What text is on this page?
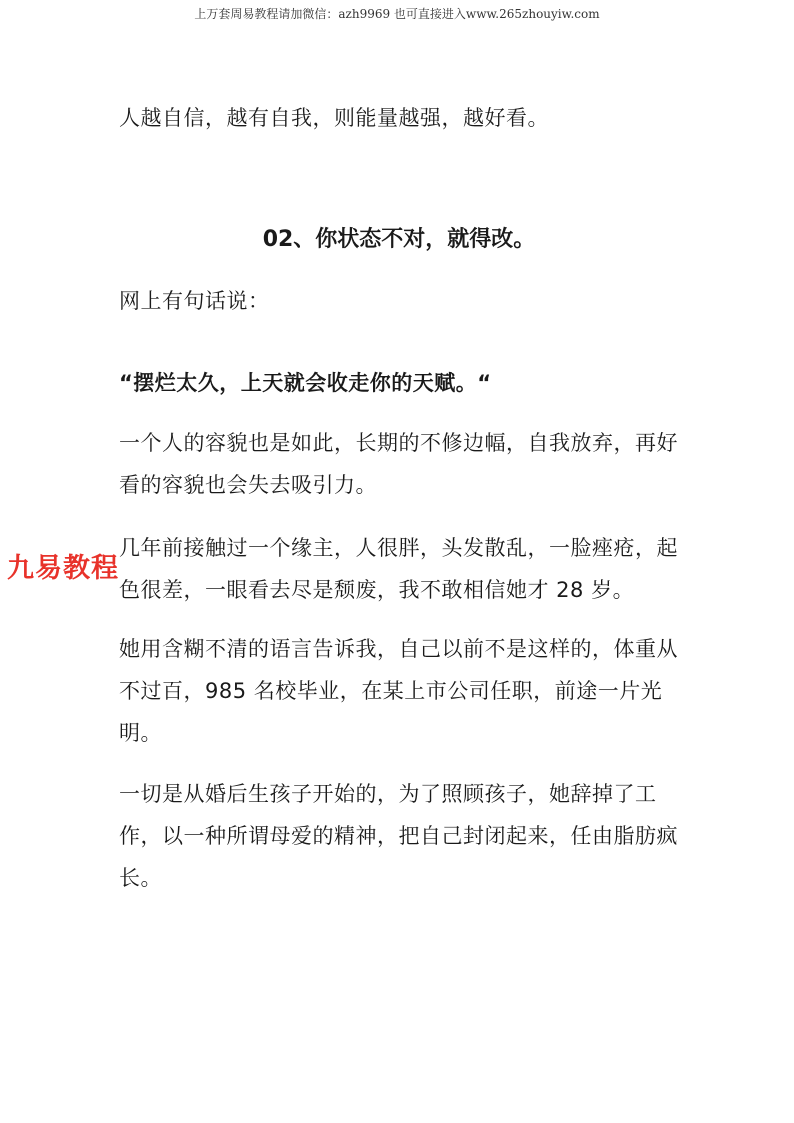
上万套周易教程请加微信：azh9969 也可直接进入www.265zhouyiw.com

人越自信，越有自我，则能量越强，越好看。

02、你状态不对，就得改。

网上有句话说：

“摆烂太久，上天就会收走你的天赋。“

一个人的容貌也是如此，长期的不修边幅，自我放弃，再好看的容貌也会失去吸引力。

几年前接触过一个缘主，人很胖，头发散乱，一脸痤疮，起色很差，一眼看去尽是颓废，我不敢相信她才 28 岁。

她用含糊不清的语言告诉我，自己以前不是这样的，体重从不过百，985 名校毕业，在某上市公司任职，前途一片光明。

一切是从婚后生孩子开始的，为了照顾孩子，她辞掉了工作，以一种所谓母爱的精神，把自己封闭起来，任由脂肪疯长。

九易教程
